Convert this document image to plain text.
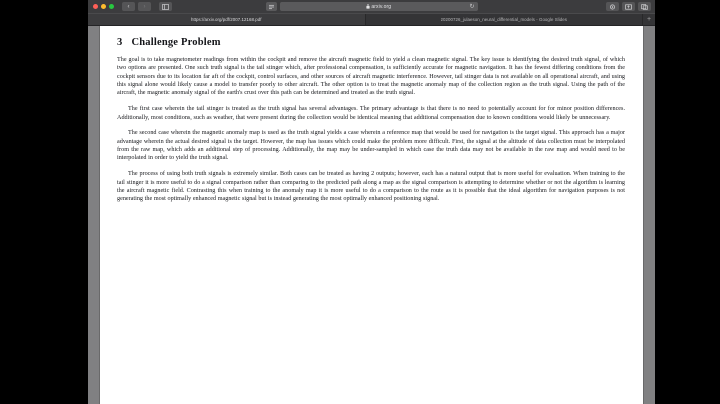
‹	›	arxiv.org	↻
https://arxiv.org/pdf/2007.12168.pdf	20200726_julaeson_neural_differential_models - Google Slides	+
3 Challenge Problem

The goal is to take magnetometer readings from within the cockpit and remove the aircraft magnetic field to yield a clean magnetic signal. The key issue is identifying the desired truth signal, of which two options are presented. One such truth signal is the tail stinger which, after professional compensation, is sufficiently accurate for magnetic navigation. It has the fewest differing conditions from the cockpit sensors due to its location far aft of the cockpit, control surfaces, and other sources of aircraft magnetic interference. However, tail stinger data is not available on all operational aircraft, and using this signal alone would likely cause a model to transfer poorly to other aircraft. The other option is to treat the magnetic anomaly map of the collection region as the truth signal. Using the path of the aircraft, the magnetic anomaly signal of the earth's crust over this path can be determined and treated as the truth signal.

The first case wherein the tail stinger is treated as the truth signal has several advantages. The primary advantage is that there is no need to potentially account for for minor position differences. Additionally, most conditions, such as weather, that were present during the collection would be identical meaning that additional compensation due to known conditions would likely be unnecessary.

The second case wherein the magnetic anomaly map is used as the truth signal yields a case wherein a reference map that would be used for navigation is the target signal. This approach has a major advantage wherein the actual desired signal is the target. However, the map has issues which could make the problem more difficult. First, the signal at the altitude of data collection must be interpolated from the raw map, which adds an additional step of processing. Additionally, the map may be under-sampled in which case the truth data may not be available in the raw map and would need to be interpolated in order to yield the truth signal.

The process of using both truth signals is extremely similar. Both cases can be treated as having 2 outputs; however, each has a natural output that is more useful for evaluation. When training to the tail stinger it is more useful to do a signal comparison rather than comparing to the predicted path along a map as the signal comparison is attempting to determine whether or not the algorithm is learning the aircraft magnetic field. Contrasting this when training to the anomaly map it is more useful to do a comparison to the route as it is possible that the ideal algorithm for navigation purposes is not generating the most optimally enhanced magnetic signal but is instead generating the most optimally enhanced positioning signal.
